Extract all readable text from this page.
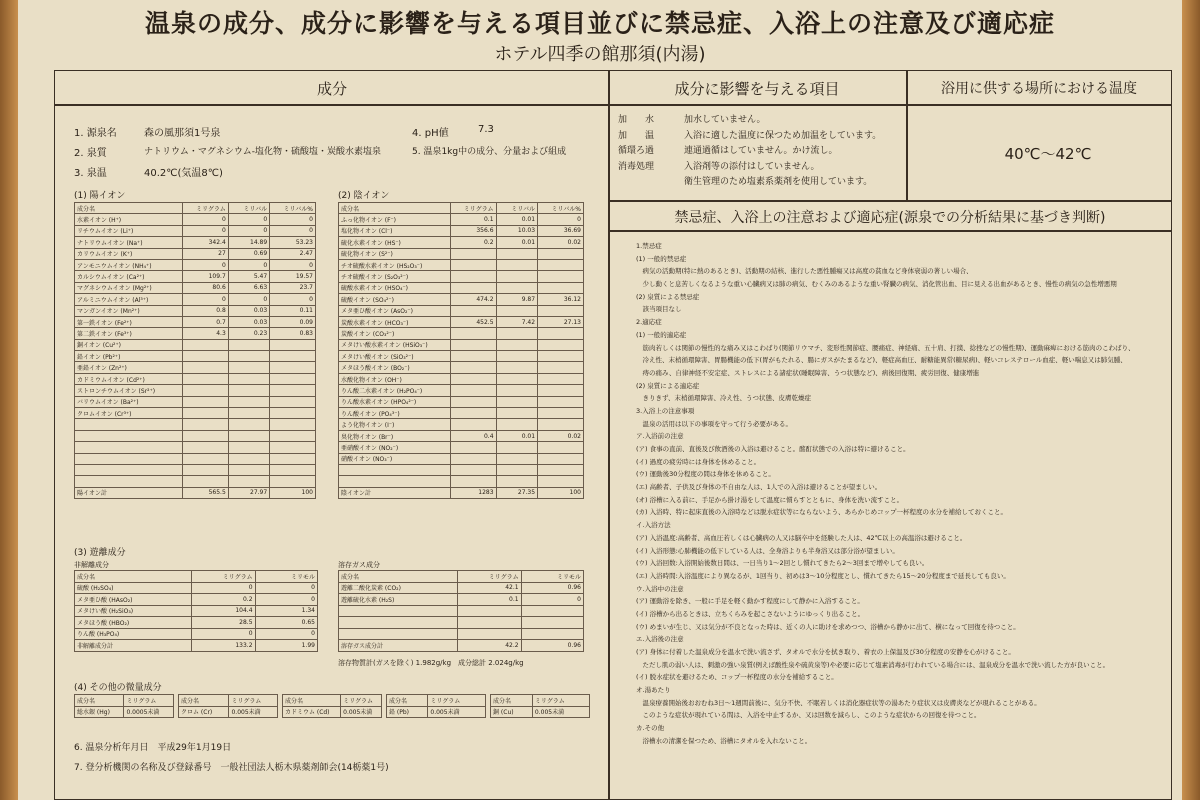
温泉の成分、成分に影響を与える項目並びに禁忌症、入浴上の注意及び適応症
ホテル四季の館那須(内湯)
成分	成分に影響を与える項目	浴用に供する場所における温度
禁忌症、入浴上の注意および適応症(源泉での分析結果に基づき判断)
1. 源泉名	森の風那須1号泉
2. 泉質	ナトリウム・マグネシウム-塩化物・硫酸塩・炭酸水素塩泉
3. 泉温	40.2℃(気温8℃)
4. pH値	7.3
5. 温泉1kg中の成分、分量および組成
(1) 陽イオン
成分名	ミリグラム	ミリバル	ミリバル%
水素イオン (H⁺)	0	0	0
リチウムイオン (Li⁺)	0	0	0
ナトリウムイオン (Na⁺)	342.4	14.89	53.23
カリウムイオン (K⁺)	27	0.69	2.47
アンモニウムイオン (NH₄⁺)	0	0	0
カルシウムイオン (Ca²⁺)	109.7	5.47	19.57
マグネシウムイオン (Mg²⁺)	80.6	6.63	23.7
アルミニウムイオン (Al³⁺)	0	0	0
マンガンイオン (Mn²⁺)	0.8	0.03	0.11
第一鉄イオン (Fe²⁺)	0.7	0.03	0.09
第二鉄イオン (Fe³⁺)	4.3	0.23	0.83
銅イオン (Cu²⁺)			
鉛イオン (Pb²⁺)			
亜鉛イオン (Zn²⁺)			
カドミウムイオン (Cd²⁺)			
ストロンチウムイオン (Sr²⁺)			
バリウムイオン (Ba²⁺)			
クロムイオン (Cr³⁺)			

陽イオン計	565.5	27.97	100
(2) 陰イオン
成分名	ミリグラム	ミリバル	ミリバル%
ふっ化物イオン (F⁻)	0.1	0.01	0
塩化物イオン (Cl⁻)	356.6	10.03	36.69
硫化水素イオン (HS⁻)	0.2	0.01	0.02
硫化物イオン (S²⁻)			
チオ硫酸水素イオン (HS₂O₃⁻)			
チオ硫酸イオン (S₂O₃²⁻)			
硫酸水素イオン (HSO₄⁻)			
硫酸イオン (SO₄²⁻)	474.2	9.87	36.12
メタ亜ひ酸イオン (AsO₂⁻)			
炭酸水素イオン (HCO₃⁻)	452.5	7.42	27.13
炭酸イオン (CO₃²⁻)			
メタけい酸水素イオン (HSiO₃⁻)			
メタけい酸イオン (SiO₃²⁻)			
メタほう酸イオン (BO₂⁻)			
水酸化物イオン (OH⁻)			
りん酸二水素イオン (H₂PO₄⁻)			
りん酸水素イオン (HPO₄²⁻)			
りん酸イオン (PO₄³⁻)			
よう化物イオン (I⁻)			
臭化物イオン (Br⁻)	0.4	0.01	0.02
亜硝酸イオン (NO₂⁻)			
硝酸イオン (NO₃⁻)			

陰イオン計	1283	27.35	100
(3) 遊離成分
非解離成分
成分名	ミリグラム	ミリモル
硫酸 (H₂SO₄)	0	0
メタ亜ひ酸 (HAsO₂)	0.2	0
メタけい酸 (H₂SiO₃)	104.4	1.34
メタほう酸 (HBO₂)	28.5	0.65
りん酸 (H₃PO₄)	0	0
非解離成分計	133.2	1.99
溶存ガス成分
成分名	ミリグラム	ミリモル
遊離二酸化炭素 (CO₂)	42.1	0.96
遊離硫化水素 (H₂S)	0.1	0

溶存ガス成分計	42.2	0.96
溶存物質計(ガスを除く) 1.982g/kg　成分総計 2.024g/kg
(4) その他の微量成分
成分名	ミリグラム
総水銀 (Hg)	0.0005未満
成分名	ミリグラム
クロム (Cr)	0.005未満
成分名	ミリグラム
カドミウム (Cd)	0.005未満
成分名	ミリグラム
鉛 (Pb)	0.005未満
成分名	ミリグラム
銅 (Cu)	0.005未満
6. 温泉分析年月日　平成29年1月19日
7. 登分析機関の名称及び登録番号　一般社団法人栃木県薬剤師会(14栃薬1号)
加　　水	加水していません。
加　　温	入浴に適した温度に保つため加温をしています。
循環ろ過	連通過循はしていません。かけ流し。
消毒処理	入浴剤等の添付はしていません。
衛生管理のため塩素系薬剤を使用しています。
40℃～42℃
1.禁忌症
(1) 一般的禁忌症
　病気の活動期(特に熱のあるとき)、活動期の結核、進行した悪性腫瘍又は高度の貧血など身体衰弱の著しい場合、
　少し動くと息苦しくなるような重い心臓病又は肺の病気、むくみのあるような重い腎臓の病気、消化管出血、目に見える出血があるとき、慢性の病気の急性増悪期
(2) 泉質による禁忌症
　該当項目なし
2.適応症
(1) 一般的適応症
　筋肉若しくは関節の慢性的な痛み又はこわばり(関節リウマチ、変形性関節症、腰痛症、神経痛、五十肩、打撲、捻挫などの慢性期)、運動麻痺における筋肉のこわばり、
　冷え性、末梢循環障害、胃腸機能の低下(胃がもたれる、腸にガスがたまるなど)、軽症高血圧、耐糖能異常(糖尿病)、軽いコレステロール血症、軽い喘息又は肺気腫、
　痔の痛み、自律神経不安定症、ストレスによる諸症状(睡眠障害、うつ状態など)、病後回復期、疲労回復、健康増進
(2) 泉質による適応症
　きりきず、末梢循環障害、冷え性、うつ状態、皮膚乾燥症
3.入浴上の注意事項
　温泉の活用は以下の事項を守って行う必要がある。
ア.入浴前の注意
(ア) 食事の直前、直後及び飲酒後の入浴は避けること。酩酊状態での入浴は特に避けること。
(イ) 過度の疲労時には身体を休めること。
(ウ) 運動後30分程度の間は身体を休めること。
(エ) 高齢者、子供及び身体の不自由な人は、1人での入浴は避けることが望ましい。
(オ) 浴槽に入る前に、手足から掛け湯をして温度に慣らすとともに、身体を洗い流すこと。
(カ) 入浴時、特に起床直後の入浴時などは脱水症状等にならないよう、あらかじめコップ一杯程度の水分を補給しておくこと。
イ.入浴方法
(ア) 入浴温度:高齢者、高血圧若しくは心臓病の人又は脳卒中を経験した人は、42℃以上の高温浴は避けること。
(イ) 入浴形態:心肺機能の低下している人は、全身浴よりも半身浴又は部分浴が望ましい。
(ウ) 入浴回数:入浴開始後数日間は、一日当り1～2回とし慣れてきたら2～3回まで増やしても良い。
(エ) 入浴時間:入浴温度により異なるが、1回当り、初めは3～10分程度とし、慣れてきたら15～20分程度まで延長しても良い。
ウ.入浴中の注意
(ア) 運動浴を除き、一般に手足を軽く動かす程度にして静かに入浴すること。
(イ) 浴槽から出るときは、立ちくらみを起こさないようにゆっくり出ること。
(ウ) めまいが生じ、又は気分が不良となった時は、近くの人に助けを求めつつ、浴槽から静かに出て、横になって回復を待つこと。
エ.入浴後の注意
(ア) 身体に付着した温泉成分を温水で洗い流さず、タオルで水分を拭き取り、着衣の上保温及び30分程度の安静を心がけること。
　ただし肌の弱い人は、刺激の強い泉質(例えば酸性泉や硫黄泉等)や必要に応じて塩素消毒が行われている場合には、温泉成分を温水で洗い流した方が良いこと。
(イ) 脱水症状を避けるため、コップ一杯程度の水分を補給すること。
オ.湯あたり
　温泉療養開始後おおむね3日～1週間前後に、気分不快、不眠若しくは消化器症状等の湯あたり症状又は皮膚炎などが現れることがある。
　このような症状が現れている間は、入浴を中止するか、又は回数を減らし、このような症状からの回復を待つこと。
カ.その他
　浴槽水の清潔を保つため、浴槽にタオルを入れないこと。
